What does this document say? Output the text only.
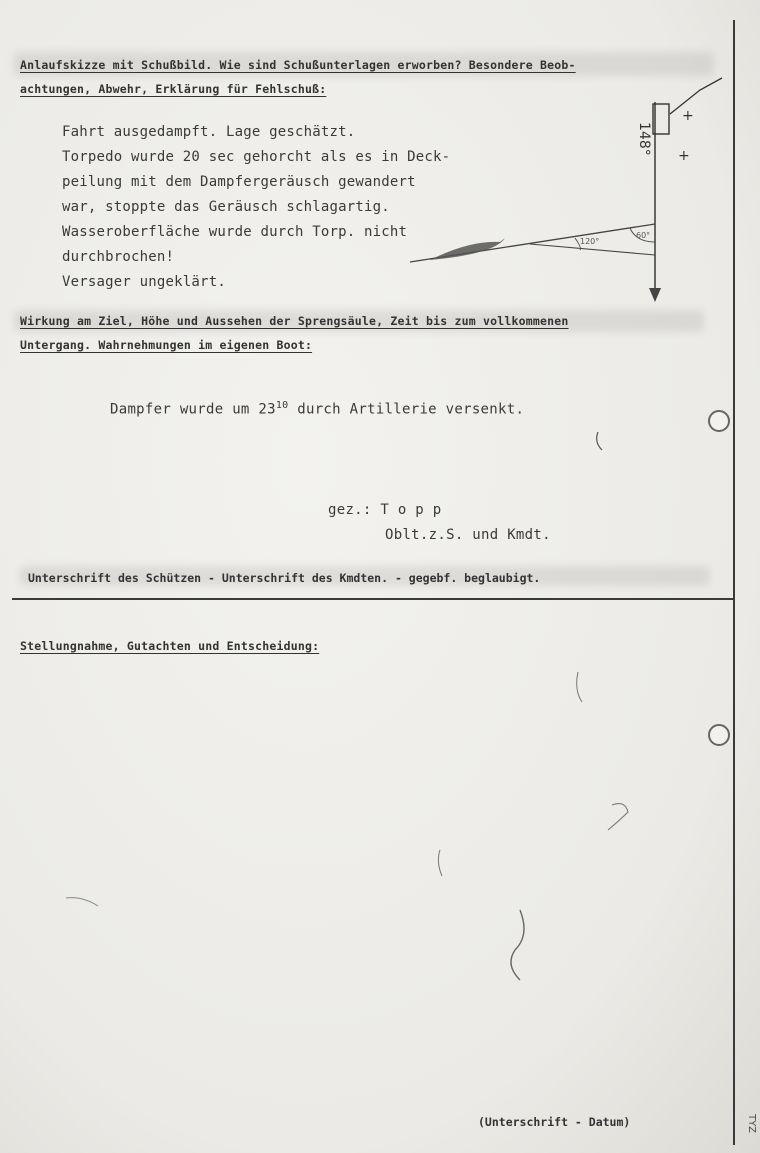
Anlaufskizze mit Schußbild. Wie sind Schußunterlagen erworben? Besondere Beob-
achtungen, Abwehr, Erklärung für Fehlschuß:
Fahrt ausgedampft. Lage geschätzt.
Torpedo wurde 20 sec gehorcht als es in Deck-
peilung mit dem Dampfergeräusch gewandert
war, stoppte das Geräusch schlagartig.
Wasseroberfläche wurde durch Torp. nicht
durchbrochen!
Versager ungeklärt.
+
+
148°
120°
60°
Wirkung am Ziel, Höhe und Aussehen der Sprengsäule, Zeit bis zum vollkommenen
Untergang. Wahrnehmungen im eigenen Boot:
Dampfer wurde um $23^{10}$ durch Artillerie versenkt.
gez.: T o p p
Oblt.z.S. und Kmdt.
Unterschrift des Schützen - Unterschrift des Kmdten. - gegebf. beglaubigt.
Stellungnahme, Gutachten und Entscheidung:
(Unterschrift - Datum)	TYZ
